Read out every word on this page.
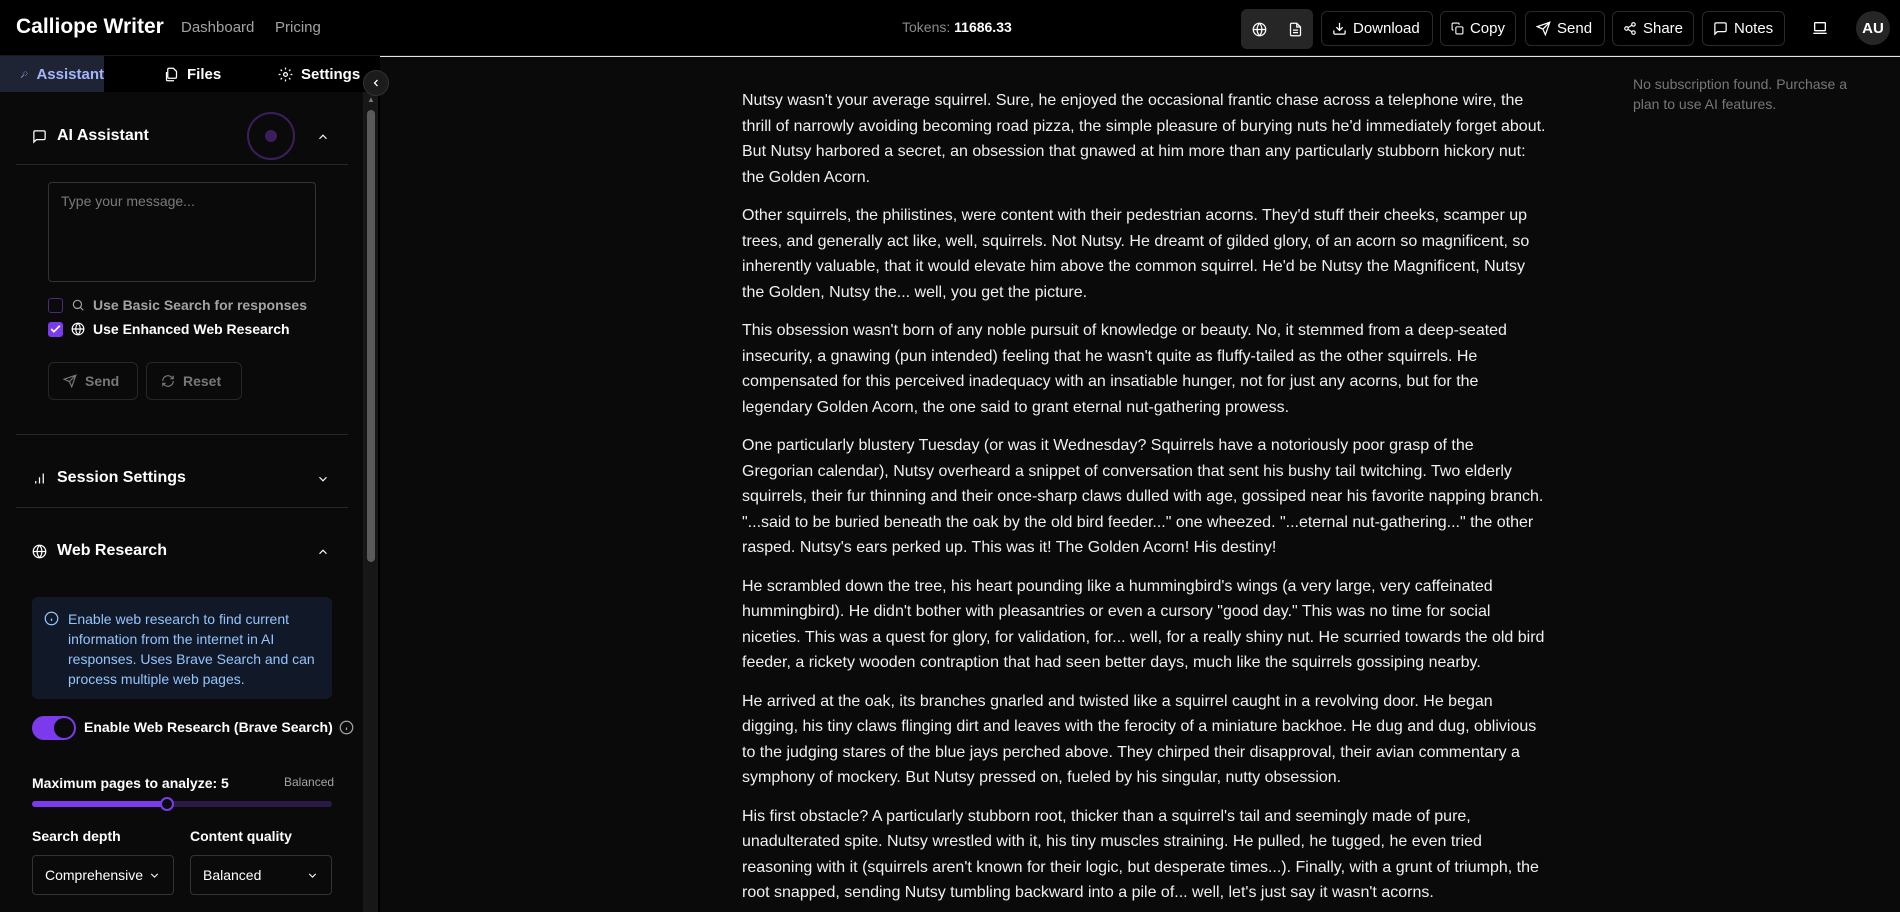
Calliope Writer Dashboard Pricing	Tokens: 11686.33	Download	Copy	Send	Share	Notes	AU
Assistant	Files	Settings
AI Assistant
Type your message...
Use Basic Search for responses
Use Enhanced Web Research
Send	Reset
Session Settings
Web Research
Enable web research to find current information from the internet in AI responses. Uses Brave Search and can process multiple web pages.
Enable Web Research (Brave Search)
Maximum pages to analyze: 5	Balanced
Search depth	Content quality
Comprehensive	Balanced
▲	Nutsy wasn't your average squirrel. Sure, he enjoyed the occasional frantic chase across a telephone wire, the thrill of narrowly avoiding becoming road pizza, the simple pleasure of burying nuts he'd immediately forget about. But Nutsy harbored a secret, an obsession that gnawed at him more than any particularly stubborn hickory nut: the Golden Acorn.

Other squirrels, the philistines, were content with their pedestrian acorns. They'd stuff their cheeks, scamper up trees, and generally act like, well, squirrels. Not Nutsy. He dreamt of gilded glory, of an acorn so magnificent, so inherently valuable, that it would elevate him above the common squirrel. He'd be Nutsy the Magnificent, Nutsy the Golden, Nutsy the... well, you get the picture.

This obsession wasn't born of any noble pursuit of knowledge or beauty. No, it stemmed from a deep-seated insecurity, a gnawing (pun intended) feeling that he wasn't quite as fluffy-tailed as the other squirrels. He compensated for this perceived inadequacy with an insatiable hunger, not for just any acorns, but for the legendary Golden Acorn, the one said to grant eternal nut-gathering prowess.

One particularly blustery Tuesday (or was it Wednesday? Squirrels have a notoriously poor grasp of the Gregorian calendar), Nutsy overheard a snippet of conversation that sent his bushy tail twitching. Two elderly squirrels, their fur thinning and their once-sharp claws dulled with age, gossiped near his favorite napping branch. "...said to be buried beneath the oak by the old bird feeder..." one wheezed. "...eternal nut-gathering..." the other rasped. Nutsy's ears perked up. This was it! The Golden Acorn! His destiny!

He scrambled down the tree, his heart pounding like a hummingbird's wings (a very large, very caffeinated hummingbird). He didn't bother with pleasantries or even a cursory "good day." This was no time for social niceties. This was a quest for glory, for validation, for... well, for a really shiny nut. He scurried towards the old bird feeder, a rickety wooden contraption that had seen better days, much like the squirrels gossiping nearby.

He arrived at the oak, its branches gnarled and twisted like a squirrel caught in a revolving door. He began digging, his tiny claws flinging dirt and leaves with the ferocity of a miniature backhoe. He dug and dug, oblivious to the judging stares of the blue jays perched above. They chirped their disapproval, their avian commentary a symphony of mockery. But Nutsy pressed on, fueled by his singular, nutty obsession.

His first obstacle? A particularly stubborn root, thicker than a squirrel's tail and seemingly made of pure, unadulterated spite. Nutsy wrestled with it, his tiny muscles straining. He pulled, he tugged, he even tried reasoning with it (squirrels aren't known for their logic, but desperate times...). Finally, with a grunt of triumph, the root snapped, sending Nutsy tumbling backward into a pile of... well, let's just say it wasn't acorns.

No subscription found. Purchase a plan to use AI features.
